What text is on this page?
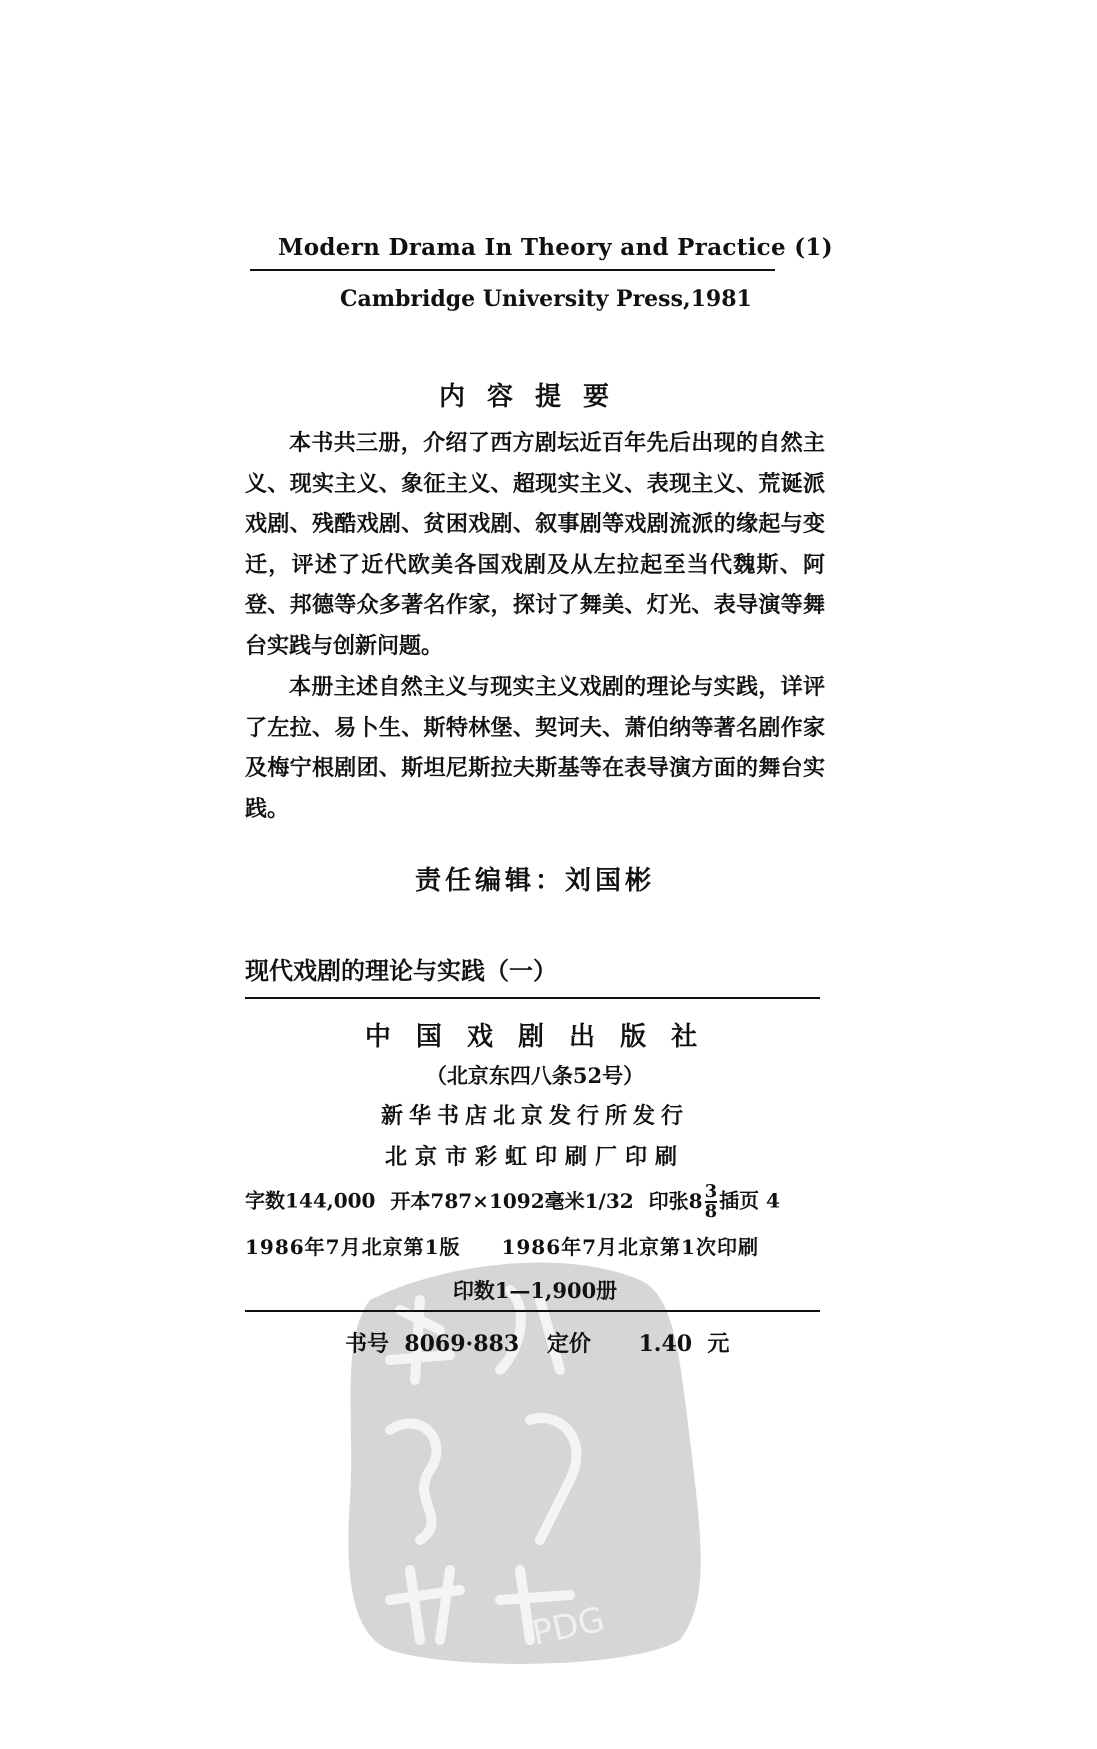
PDG
Modern Drama In Theory and Practice (1)
Cambridge University Press,1981
内容提要
本书共三册，介绍了西方剧坛近百年先后出现的自然主义、现实主义、象征主义、超现实主义、表现主义、荒诞派戏剧、残酷戏剧、贫困戏剧、叙事剧等戏剧流派的缘起与变迁，评述了近代欧美各国戏剧及从左拉起至当代魏斯、阿登、邦德等众多著名作家，探讨了舞美、灯光、表导演等舞台实践与创新问题。
本册主述自然主义与现实主义戏剧的理论与实践，详评了左拉、易卜生、斯特林堡、契诃夫、萧伯纳等著名剧作家及梅宁根剧团、斯坦尼斯拉夫斯基等在表导演方面的舞台实践。
责任编辑：刘国彬
现代戏剧的理论与实践（一）
中 国 戏 剧 出 版 社
（北京东四八条52号）
新华书店北京发行所发行
北京市彩虹印刷厂印刷
字数144,000 开本787×1092毫米1/32 印张$8 \frac{3}{8}$ 插页 4
1986年7月北京第1版 1986年7月北京第1次印刷
印数1—1,900册
书号  8069·883 定价 1.40  元
